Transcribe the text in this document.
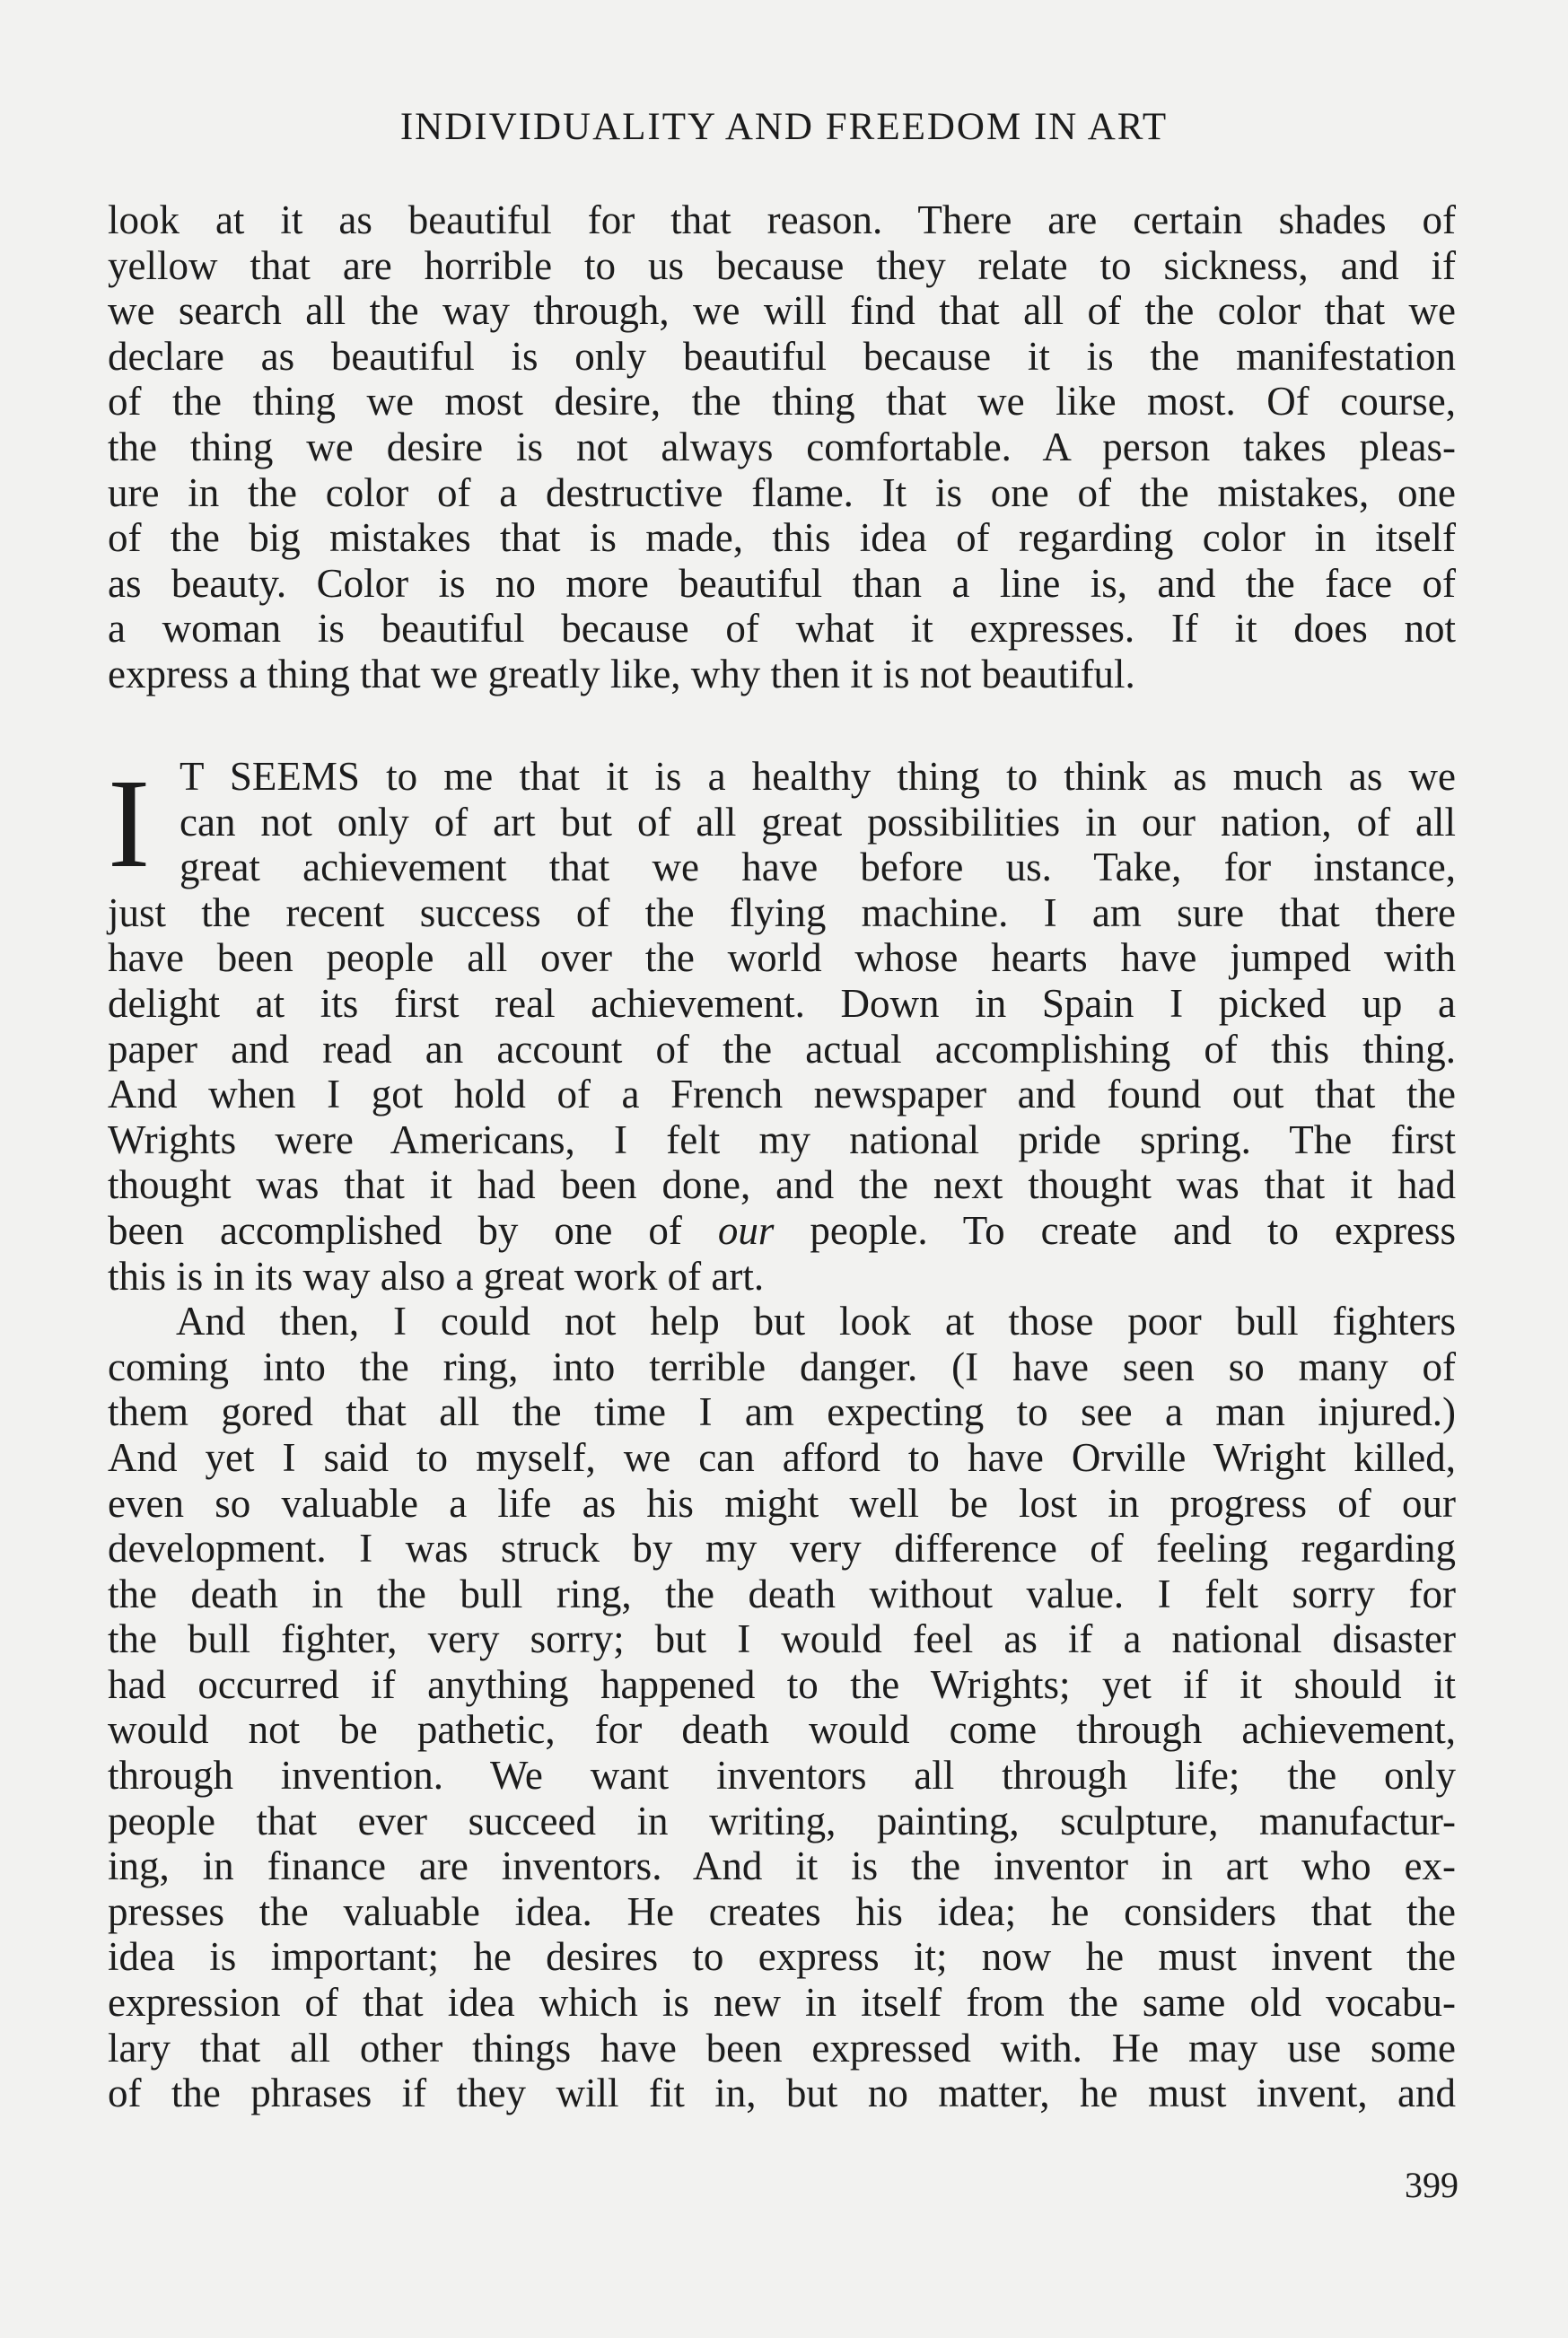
INDIVIDUALITY AND FREEDOM IN ART
look at it as beautiful for that reason. There are certain shades of
yellow that are horrible to us because they relate to sickness, and if
we search all the way through, we will find that all of the color that we
declare as beautiful is only beautiful because it is the manifestation
of the thing we most desire, the thing that we like most. Of course,
the thing we desire is not always comfortable. A person takes pleas-
ure in the color of a destructive flame. It is one of the mistakes, one
of the big mistakes that is made, this idea of regarding color in itself
as beauty. Color is no more beautiful than a line is, and the face of
a woman is beautiful because of what it expresses. If it does not
express a thing that we greatly like, why then it is not beautiful.
I T SEEMS to me that it is a healthy thing to think as much as we
can not only of art but of all great possibilities in our nation, of all
great achievement that we have before us. Take, for instance,
just the recent success of the flying machine. I am sure that there
have been people all over the world whose hearts have jumped with
delight at its first real achievement. Down in Spain I picked up a
paper and read an account of the actual accomplishing of this thing.
And when I got hold of a French newspaper and found out that the
Wrights were Americans, I felt my national pride spring. The first
thought was that it had been done, and the next thought was that it had
been accomplished by one of our people. To create and to express
this is in its way also a great work of art.
And then, I could not help but look at those poor bull fighters
coming into the ring, into terrible danger. (I have seen so many of
them gored that all the time I am expecting to see a man injured.)
And yet I said to myself, we can afford to have Orville Wright killed,
even so valuable a life as his might well be lost in progress of our
development. I was struck by my very difference of feeling regarding
the death in the bull ring, the death without value. I felt sorry for
the bull fighter, very sorry; but I would feel as if a national disaster
had occurred if anything happened to the Wrights; yet if it should it
would not be pathetic, for death would come through achievement,
through invention. We want inventors all through life; the only
people that ever succeed in writing, painting, sculpture, manufactur-
ing, in finance are inventors. And it is the inventor in art who ex-
presses the valuable idea. He creates his idea; he considers that the
idea is important; he desires to express it; now he must invent the
expression of that idea which is new in itself from the same old vocabu-
lary that all other things have been expressed with. He may use some
of the phrases if they will fit in, but no matter, he must invent, and
399
